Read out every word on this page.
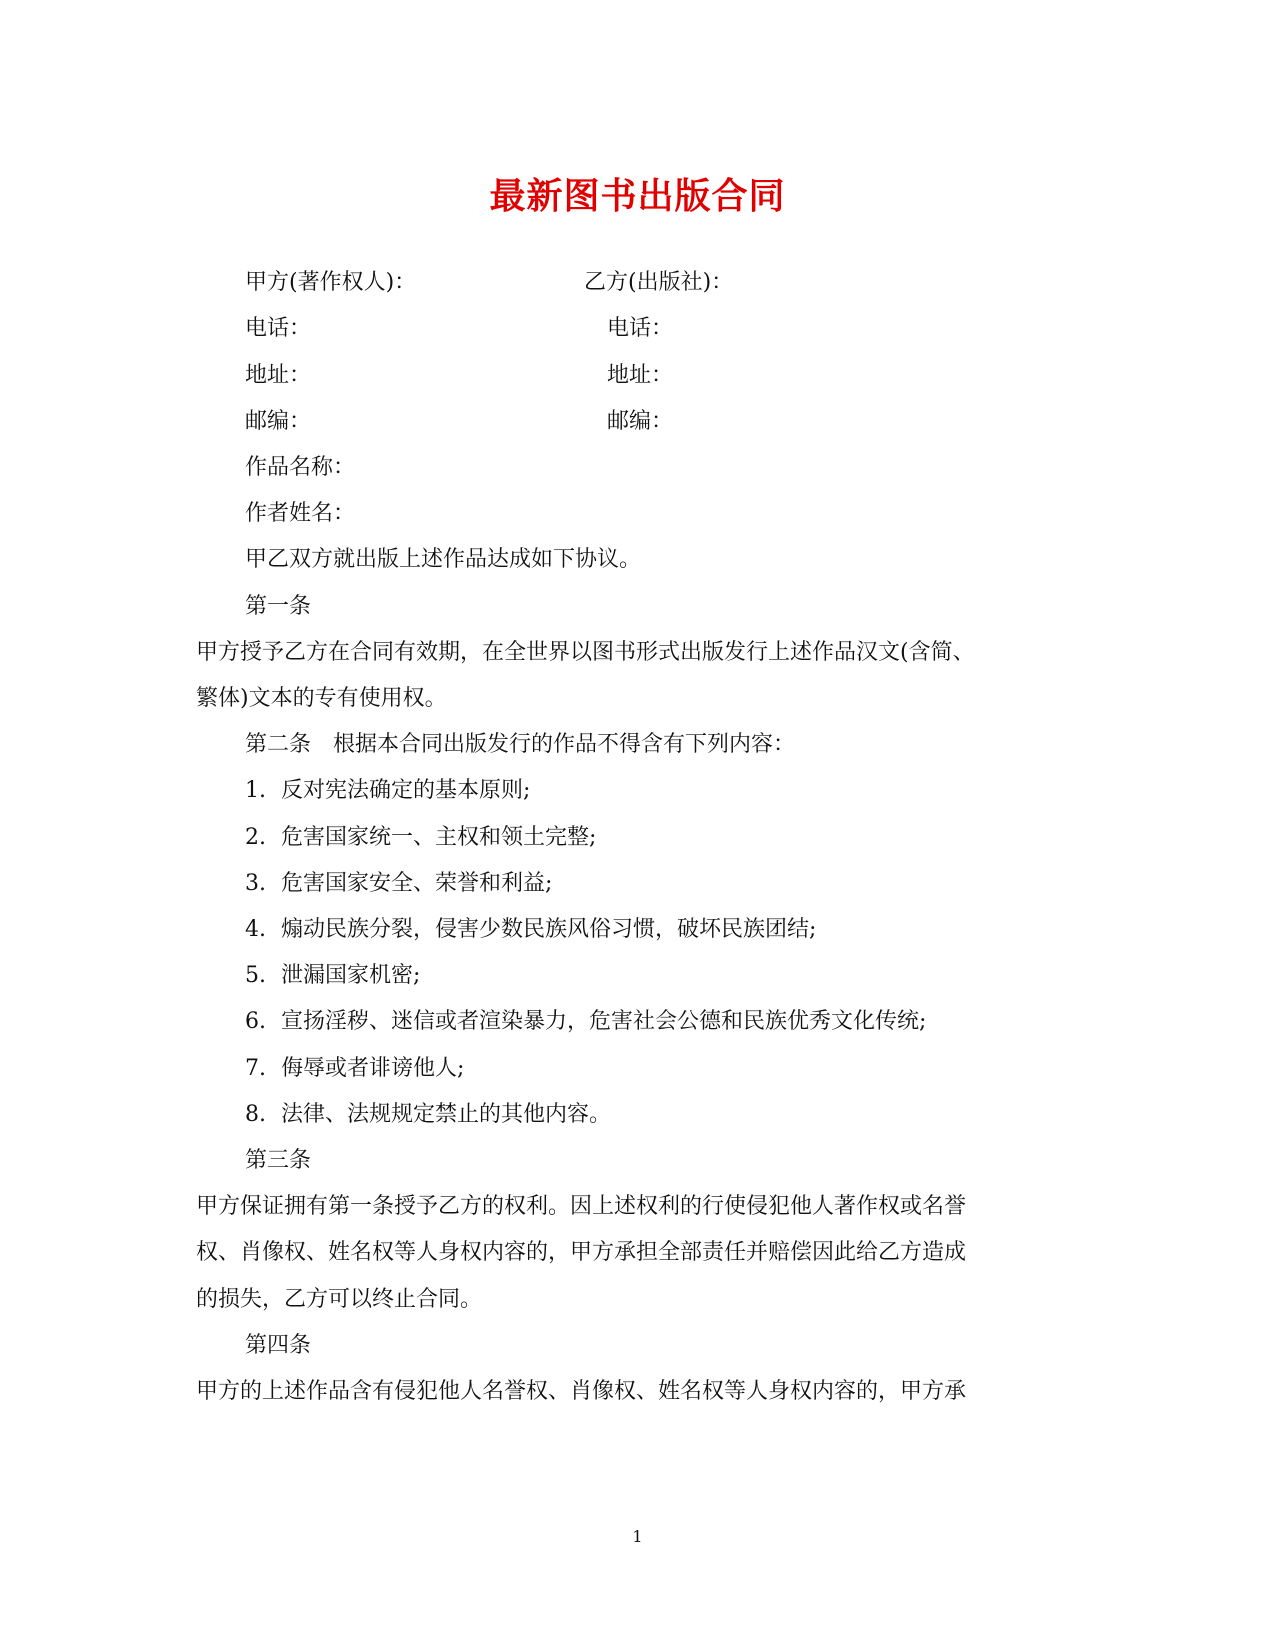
最新图书出版合同
甲方(著作权人)：	乙方(出版社)：
电话：	电话：
地址：	地址：
邮编：	邮编：
作品名称：
作者姓名：
甲乙双方就出版上述作品达成如下协议。
第一条
甲方授予乙方在合同有效期，在全世界以图书形式出版发行上述作品汉文(含简、
繁体)文本的专有使用权。
第二条　根据本合同出版发行的作品不得含有下列内容：
1. 反对宪法确定的基本原则;
2. 危害国家统一、主权和领土完整;
3. 危害国家安全、荣誉和利益;
4. 煽动民族分裂，侵害少数民族风俗习惯，破坏民族团结;
5. 泄漏国家机密;
6. 宣扬淫秽、迷信或者渲染暴力，危害社会公德和民族优秀文化传统;
7. 侮辱或者诽谤他人;
8. 法律、法规规定禁止的其他内容。
第三条
甲方保证拥有第一条授予乙方的权利。因上述权利的行使侵犯他人著作权或名誉
权、肖像权、姓名权等人身权内容的，甲方承担全部责任并赔偿因此给乙方造成
的损失，乙方可以终止合同。
第四条
甲方的上述作品含有侵犯他人名誉权、肖像权、姓名权等人身权内容的，甲方承
1
